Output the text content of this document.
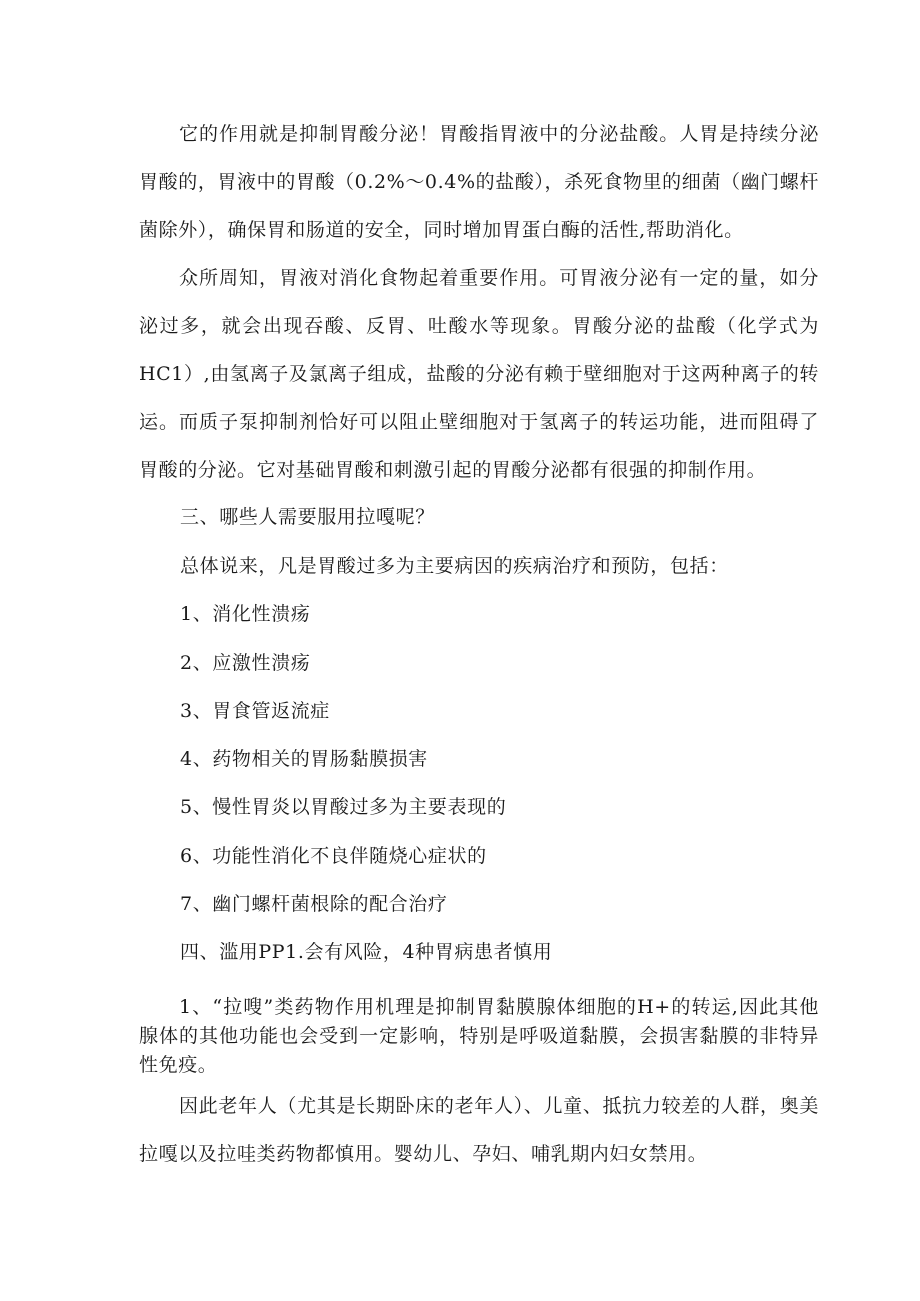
它的作用就是抑制胃酸分泌！胃酸指胃液中的分泌盐酸。人胃是持续分泌胃酸的，胃液中的胃酸（0.2%～0.4%的盐酸），杀死食物里的细菌（幽门螺杆菌除外），确保胃和肠道的安全，同时增加胃蛋白酶的活性,帮助消化。

众所周知，胃液对消化食物起着重要作用。可胃液分泌有一定的量，如分泌过多，就会出现吞酸、反胃、吐酸水等现象。胃酸分泌的盐酸（化学式为HC1）,由氢离子及氯离子组成，盐酸的分泌有赖于壁细胞对于这两种离子的转运。而质子泵抑制剂恰好可以阻止壁细胞对于氢离子的转运功能，进而阻碍了胃酸的分泌。它对基础胃酸和刺激引起的胃酸分泌都有很强的抑制作用。

三、哪些人需要服用拉嘎呢？

总体说来，凡是胃酸过多为主要病因的疾病治疗和预防，包括：

1、消化性溃疡

2、应激性溃疡

3、胃食管返流症

4、药物相关的胃肠黏膜损害

5、慢性胃炎以胃酸过多为主要表现的

6、功能性消化不良伴随烧心症状的

7、幽门螺杆菌根除的配合治疗

四、滥用PP1.会有风险，4种胃病患者慎用

1、“拉嗖”类药物作用机理是抑制胃黏膜腺体细胞的H+的转运,因此其他腺体的其他功能也会受到一定影响，特别是呼吸道黏膜，会损害黏膜的非特异性免疫。

因此老年人（尤其是长期卧床的老年人）、儿童、抵抗力较差的人群，奥美拉嘎以及拉哇类药物都慎用。婴幼儿、孕妇、哺乳期内妇女禁用。
